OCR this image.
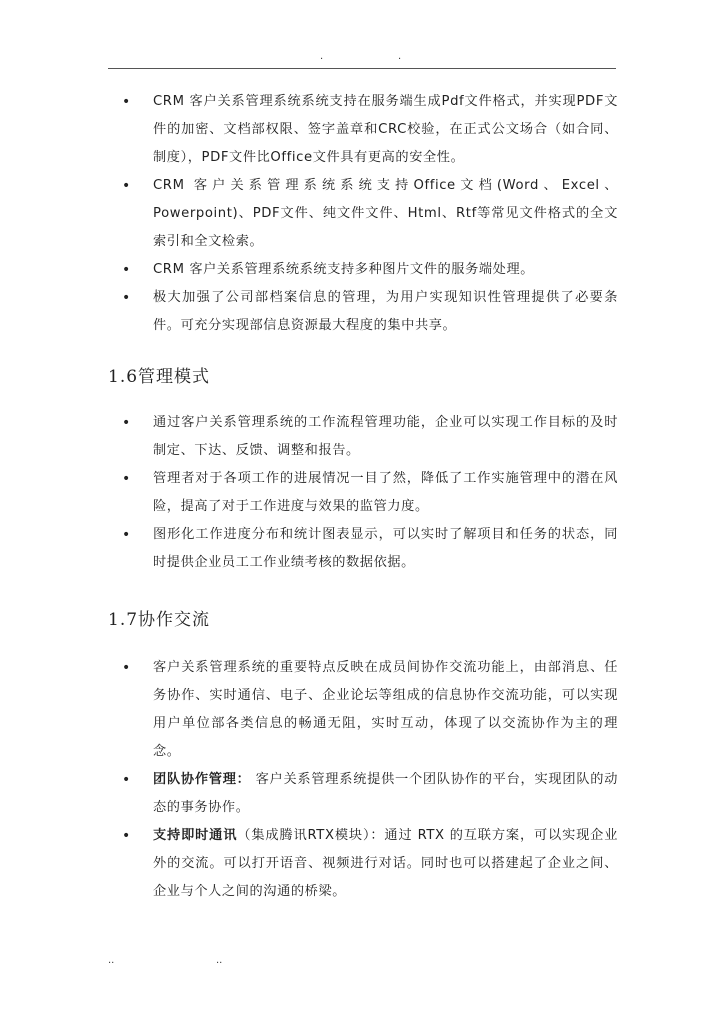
.	.
• CRM 客户关系管理系统系统支持在服务端生成Pdf文件格式，并实现PDF文件的加密、文档部权限、签字盖章和CRC校验，在正式公文场合（如合同、制度），PDF文件比Office文件具有更高的安全性。
• CRM 客户关系管理系统系统支持Office文档(Word、Excel、Powerpoint)、PDF文件、纯文件文件、Html、Rtf等常见文件格式的全文索引和全文检索。
• CRM 客户关系管理系统系统支持多种图片文件的服务端处理。
• 极大加强了公司部档案信息的管理，为用户实现知识性管理提供了必要条件。可充分实现部信息资源最大程度的集中共享。
1.6管理模式
• 通过客户关系管理系统的工作流程管理功能，企业可以实现工作目标的及时制定、下达、反馈、调整和报告。
• 管理者对于各项工作的进展情况一目了然，降低了工作实施管理中的潜在风险，提高了对于工作进度与效果的监管力度。
• 图形化工作进度分布和统计图表显示，可以实时了解项目和任务的状态，同时提供企业员工工作业绩考核的数据依据。
1.7协作交流
• 客户关系管理系统的重要特点反映在成员间协作交流功能上，由部消息、任务协作、实时通信、电子、企业论坛等组成的信息协作交流功能，可以实现用户单位部各类信息的畅通无阻，实时互动，体现了以交流协作为主的理念。
• 团队协作管理： 客户关系管理系统提供一个团队协作的平台，实现团队的动态的事务协作。
• 支持即时通讯（集成腾讯RTX模块）：通过 RTX 的互联方案，可以实现企业外的交流。可以打开语音、视频进行对话。同时也可以搭建起了企业之间、企业与个人之间的沟通的桥梁。
..	..
